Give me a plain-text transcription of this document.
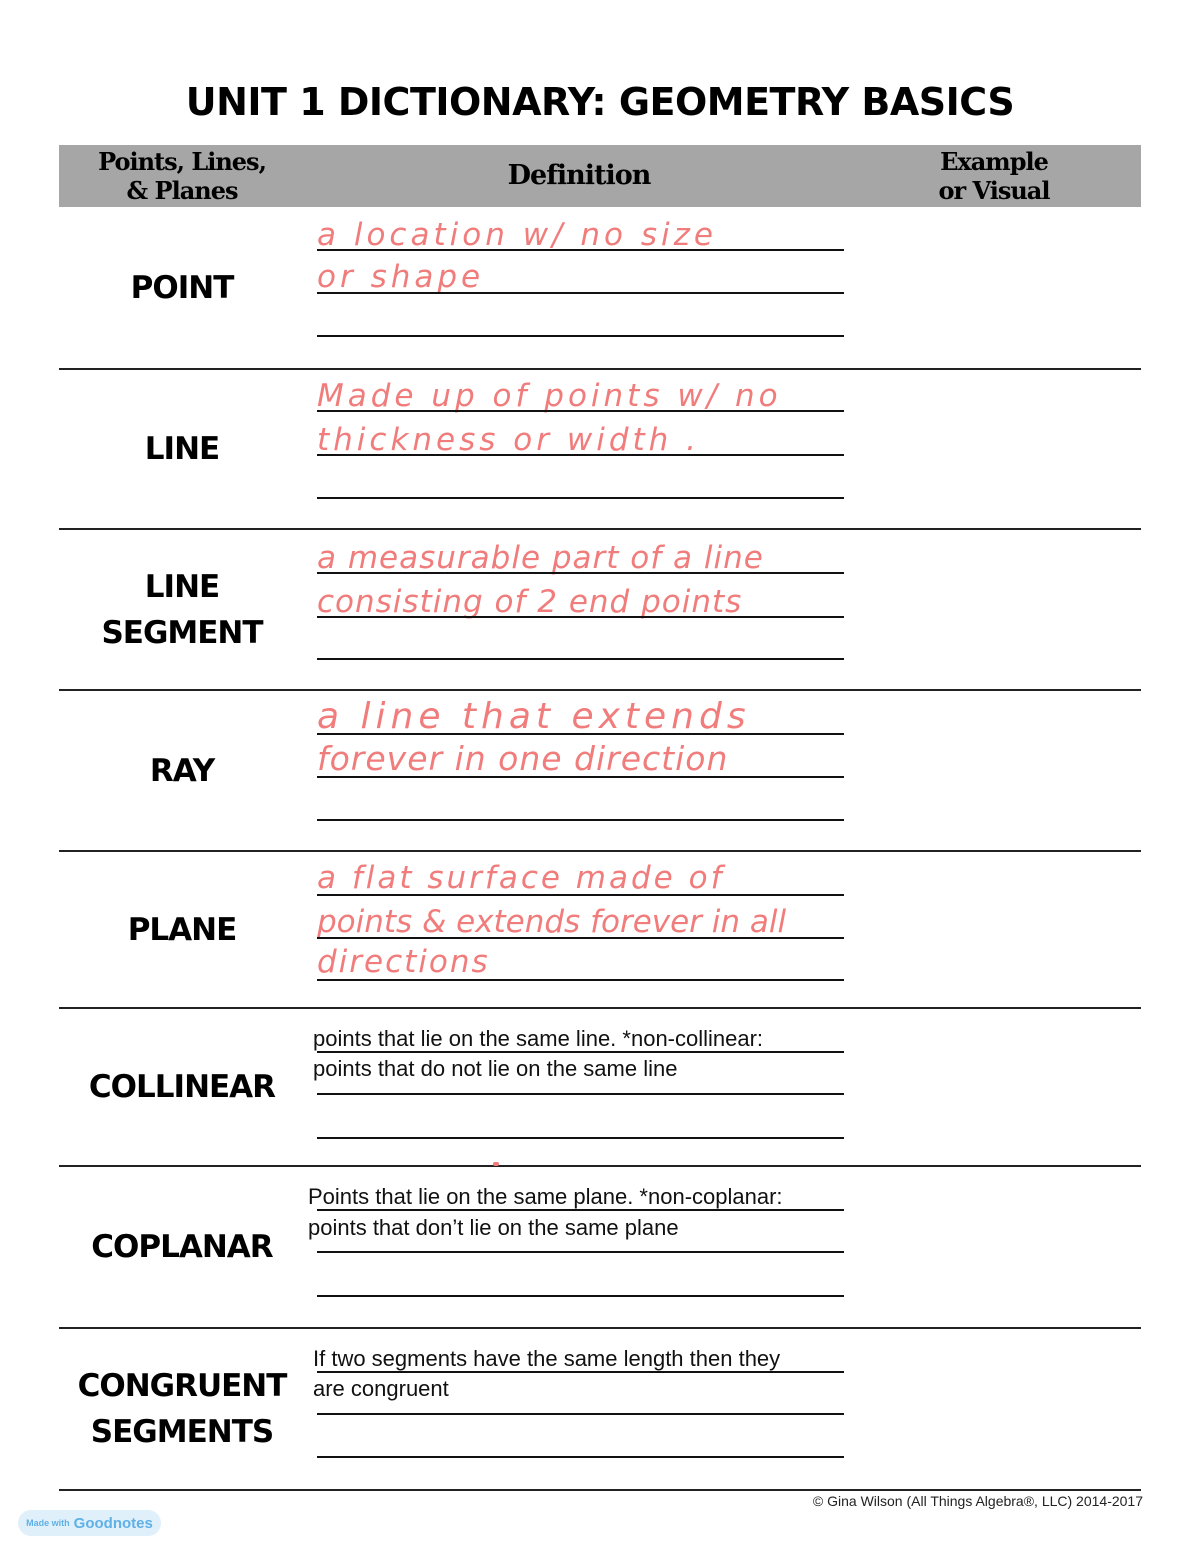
UNIT 1 DICTIONARY: GEOMETRY BASICS
Points, Lines,
& Planes	Definition	Example
or Visual
POINT
a location w/ no size
or shape
LINE
Made up of points w/ no
thickness or width .
LINE
SEGMENT
a measurable part of a line
consisting of 2 end points
RAY
a line that extends
forever in one direction
PLANE
a flat surface made of
points & extends forever in all
directions
COLLINEAR
points that lie on the same line. *non-collinear:
points that do not lie on the same line
COPLANAR
Points that lie on the same plane. *non-coplanar:
points that don’t lie on the same plane
CONGRUENT
SEGMENTS
If two segments have the same length then they
are congruent
© Gina Wilson (All Things Algebra®, LLC) 2014-2017
Made with Goodnotes
